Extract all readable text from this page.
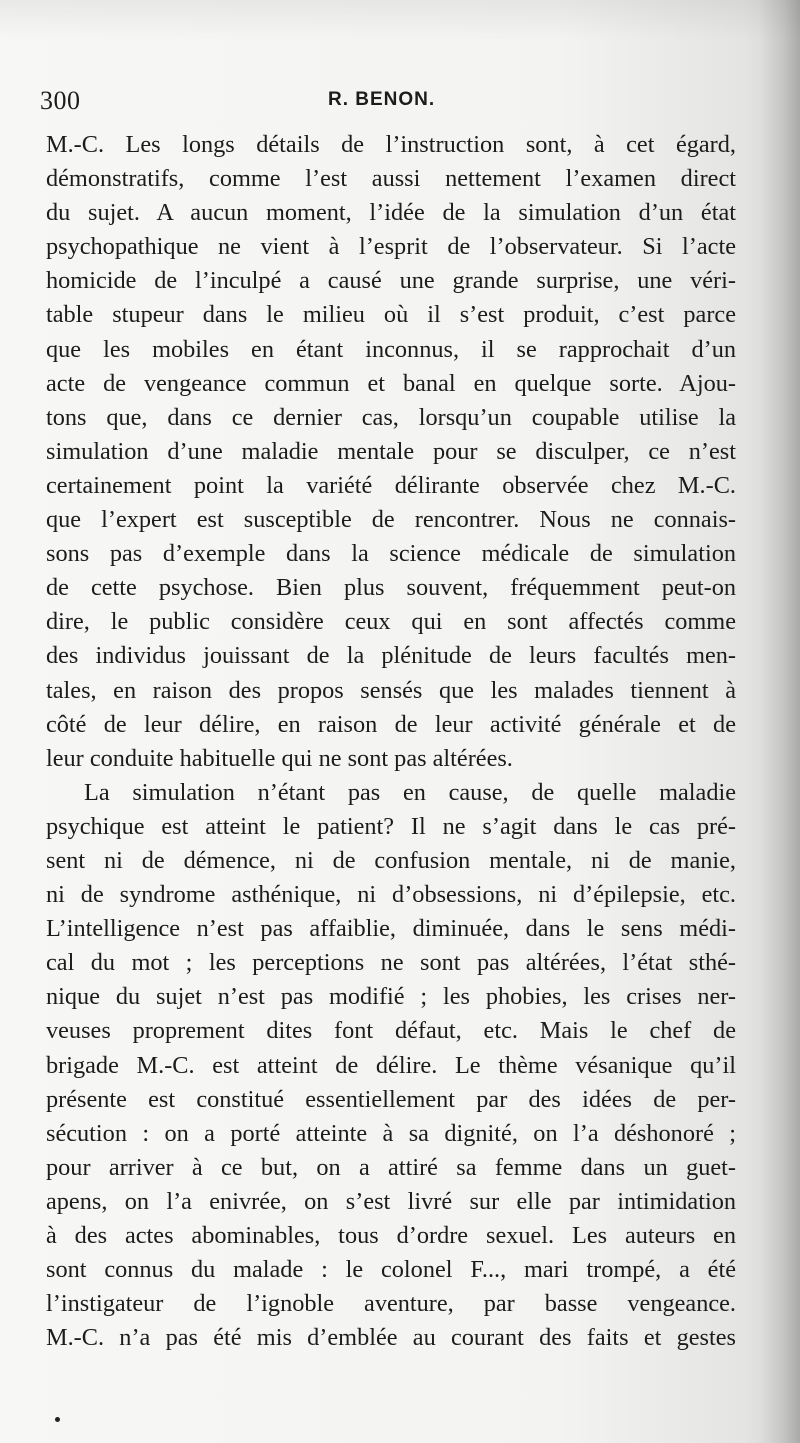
300	R. BENON.
M.-C. Les longs détails de l’instruction sont, à cet égard,
démonstratifs, comme l’est aussi nettement l’examen direct
du sujet. A aucun moment, l’idée de la simulation d’un état
psychopathique ne vient à l’esprit de l’observateur. Si l’acte
homicide de l’inculpé a causé une grande surprise, une véri-
table stupeur dans le milieu où il s’est produit, c’est parce
que les mobiles en étant inconnus, il se rapprochait d’un
acte de vengeance commun et banal en quelque sorte. Ajou-
tons que, dans ce dernier cas, lorsqu’un coupable utilise la
simulation d’une maladie mentale pour se disculper, ce n’est
certainement point la variété délirante observée chez M.-C.
que l’expert est susceptible de rencontrer. Nous ne connais-
sons pas d’exemple dans la science médicale de simulation
de cette psychose. Bien plus souvent, fréquemment peut-on
dire, le public considère ceux qui en sont affectés comme
des individus jouissant de la plénitude de leurs facultés men-
tales, en raison des propos sensés que les malades tiennent à
côté de leur délire, en raison de leur activité générale et de
leur conduite habituelle qui ne sont pas altérées.
La simulation n’étant pas en cause, de quelle maladie
psychique est atteint le patient? Il ne s’agit dans le cas pré-
sent ni de démence, ni de confusion mentale, ni de manie,
ni de syndrome asthénique, ni d’obsessions, ni d’épilepsie, etc.
L’intelligence n’est pas affaiblie, diminuée, dans le sens médi-
cal du mot ; les perceptions ne sont pas altérées, l’état sthé-
nique du sujet n’est pas modifié ; les phobies, les crises ner-
veuses proprement dites font défaut, etc. Mais le chef de
brigade M.-C. est atteint de délire. Le thème vésanique qu’il
présente est constitué essentiellement par des idées de per-
sécution : on a porté atteinte à sa dignité, on l’a déshonoré ;
pour arriver à ce but, on a attiré sa femme dans un guet-
apens, on l’a enivrée, on s’est livré sur elle par intimidation
à des actes abominables, tous d’ordre sexuel. Les auteurs en
sont connus du malade : le colonel F..., mari trompé, a été
l’instigateur de l’ignoble aventure, par basse vengeance.
M.-C. n’a pas été mis d’emblée au courant des faits et gestes
